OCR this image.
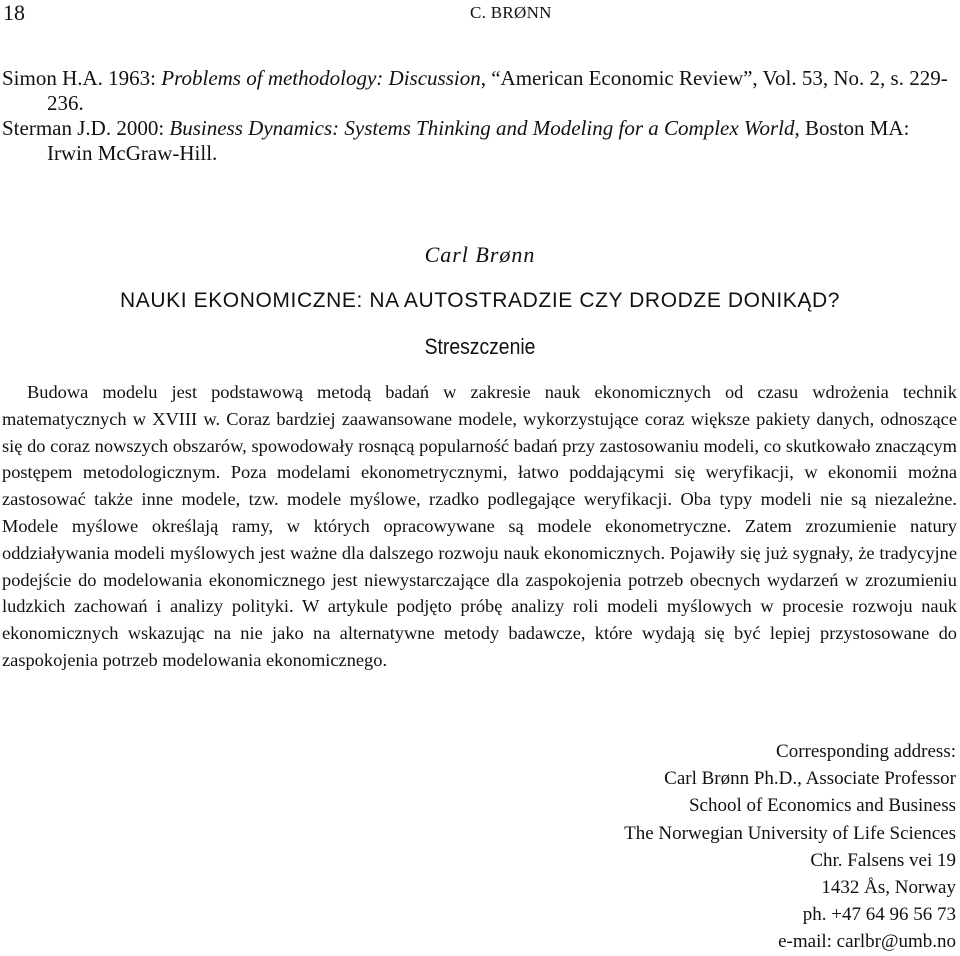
18	C. BRØNN

Simon H.A. 1963: Problems of methodology: Discussion, “American Economic Review”, Vol. 53, No. 2, s. 229-236.

Sterman J.D. 2000: Business Dynamics: Systems Thinking and Modeling for a Complex World, Boston MA: Irwin McGraw-Hill.

Carl Brønn
NAUKI EKONOMICZNE: NA AUTOSTRADZIE CZY DRODZE DONIKĄD?
Streszczenie

Budowa modelu jest podstawową metodą badań w zakresie nauk ekonomicznych od czasu wdrożenia technik matematycznych w XVIII w. Coraz bardziej zaawansowane modele, wykorzystujące coraz większe pakiety danych, odnoszące się do coraz nowszych obszarów, spowodowały rosnącą popularność badań przy zastosowaniu modeli, co skutkowało znaczącym postępem metodologicznym. Poza modelami ekonometrycznymi, łatwo poddającymi się weryfikacji, w ekonomii można zastosować także inne modele, tzw. modele myślowe, rzadko podlegające weryfikacji. Oba typy modeli nie są niezależne. Modele myślowe określają ramy, w których opracowywane są modele ekonometryczne. Zatem zrozumienie natury oddziaływania modeli myślowych jest ważne dla dalszego rozwoju nauk ekonomicznych. Pojawiły się już sygnały, że tradycyjne podejście do modelowania ekonomicznego jest niewystarczające dla zaspokojenia potrzeb obecnych wydarzeń w zrozumieniu ludzkich zachowań i analizy polityki. W artykule podjęto próbę analizy roli modeli myślowych w procesie rozwoju nauk ekonomicznych wskazując na nie jako na alternatywne metody badawcze, które wydają się być lepiej przystosowane do zaspokojenia potrzeb modelowania ekonomicznego.

Corresponding address:
Carl Brønn Ph.D., Associate Professor
School of Economics and Business
The Norwegian University of Life Sciences
Chr. Falsens vei 19
1432 Ås, Norway
ph. +47 64 96 56 73
e-mail: carlbr@umb.no
